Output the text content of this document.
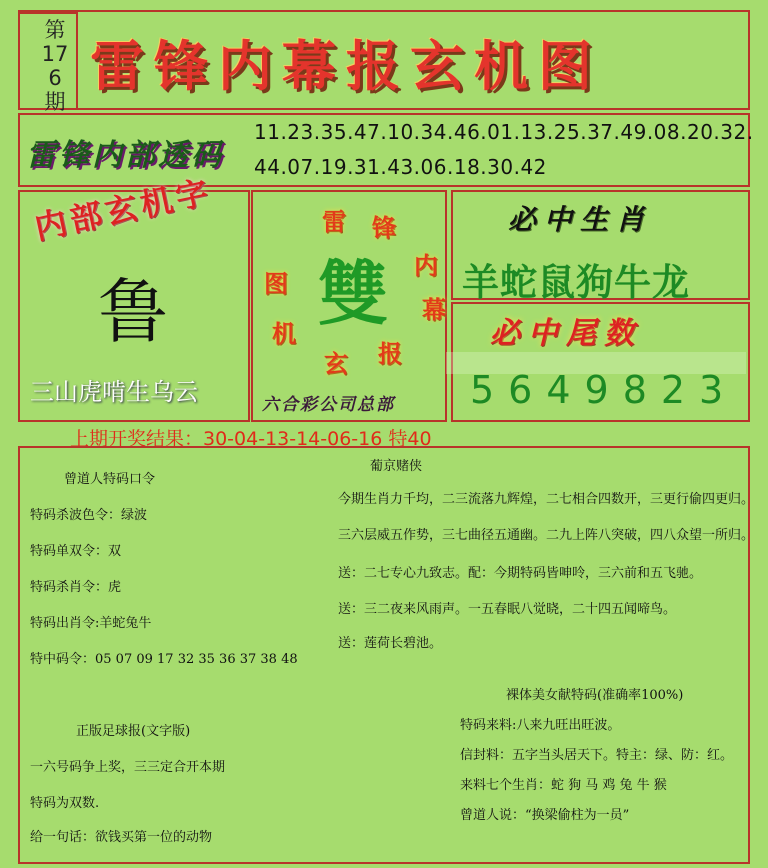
第176期
雷锋内幕报玄机图
雷锋内部透码
11.23.35.47.10.34.46.01.13.25.37.49.08.20.32.
44.07.19.31.43.06.18.30.42
内部玄机字
鲁
三山虎啃生乌云
雷 锋
内
幕
报
玄
机
图 雙
六合彩公司总部
必中生肖
羊蛇鼠狗牛龙
必中尾数
5649823
上期开奖结果：30-04-13-14-06-16 特40
曾道人特码口令
特码杀波色令：绿波
特码单双令：双
特码杀肖令：虎
特码出肖令:羊蛇兔牛
特中码令：05 07 09 17 32 35 36 37 38 48
正版足球报(文字版)
一六号码争上奖，三三定合开本期
特码为双数.
给一句话：欲钱买第一位的动物
葡京赌侠
今期生肖力千均，二三流落九辉煌，二七相合四数开，三更行偷四更归。
三六层威五作势，三七曲径五通幽。二九上阵八突破，四八众望一所归。
送：二七专心九致志。配：今期特码皆呻呤，三六前和五飞驰。
送：三二夜来风雨声。一五春眠八觉晓，二十四五闻啼鸟。
送：莲荷长碧池。
裸体美女献特码(准确率100%)
特码来料:八来九旺出旺波。
信封料：五字当头居天下。特主：绿、防：红。
来料七个生肖：蛇 狗 马 鸡 兔 牛 猴
曾道人说：“换梁偷柱为一员”
